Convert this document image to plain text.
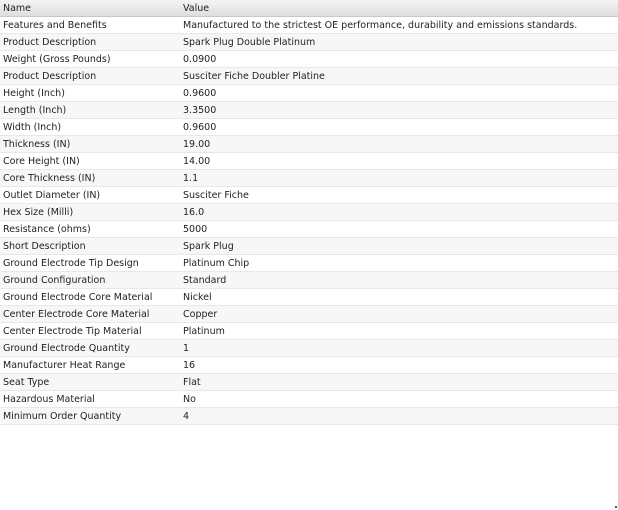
Name	Value
Features and Benefits	Manufactured to the strictest OE performance, durability and emissions standards.
Product Description	Spark Plug Double Platinum
Weight (Gross Pounds)	0.0900
Product Description	Susciter Fiche Doubler Platine
Height (Inch)	0.9600
Length (Inch)	3.3500
Width (Inch)	0.9600
Thickness (IN)	19.00
Core Height (IN)	14.00
Core Thickness (IN)	1.1
Outlet Diameter (IN)	Susciter Fiche
Hex Size (Milli)	16.0
Resistance (ohms)	5000
Short Description	Spark Plug
Ground Electrode Tip Design	Platinum Chip
Ground Configuration	Standard
Ground Electrode Core Material	Nickel
Center Electrode Core Material	Copper
Center Electrode Tip Material	Platinum
Ground Electrode Quantity	1
Manufacturer Heat Range	16
Seat Type	Flat
Hazardous Material	No
Minimum Order Quantity	4
